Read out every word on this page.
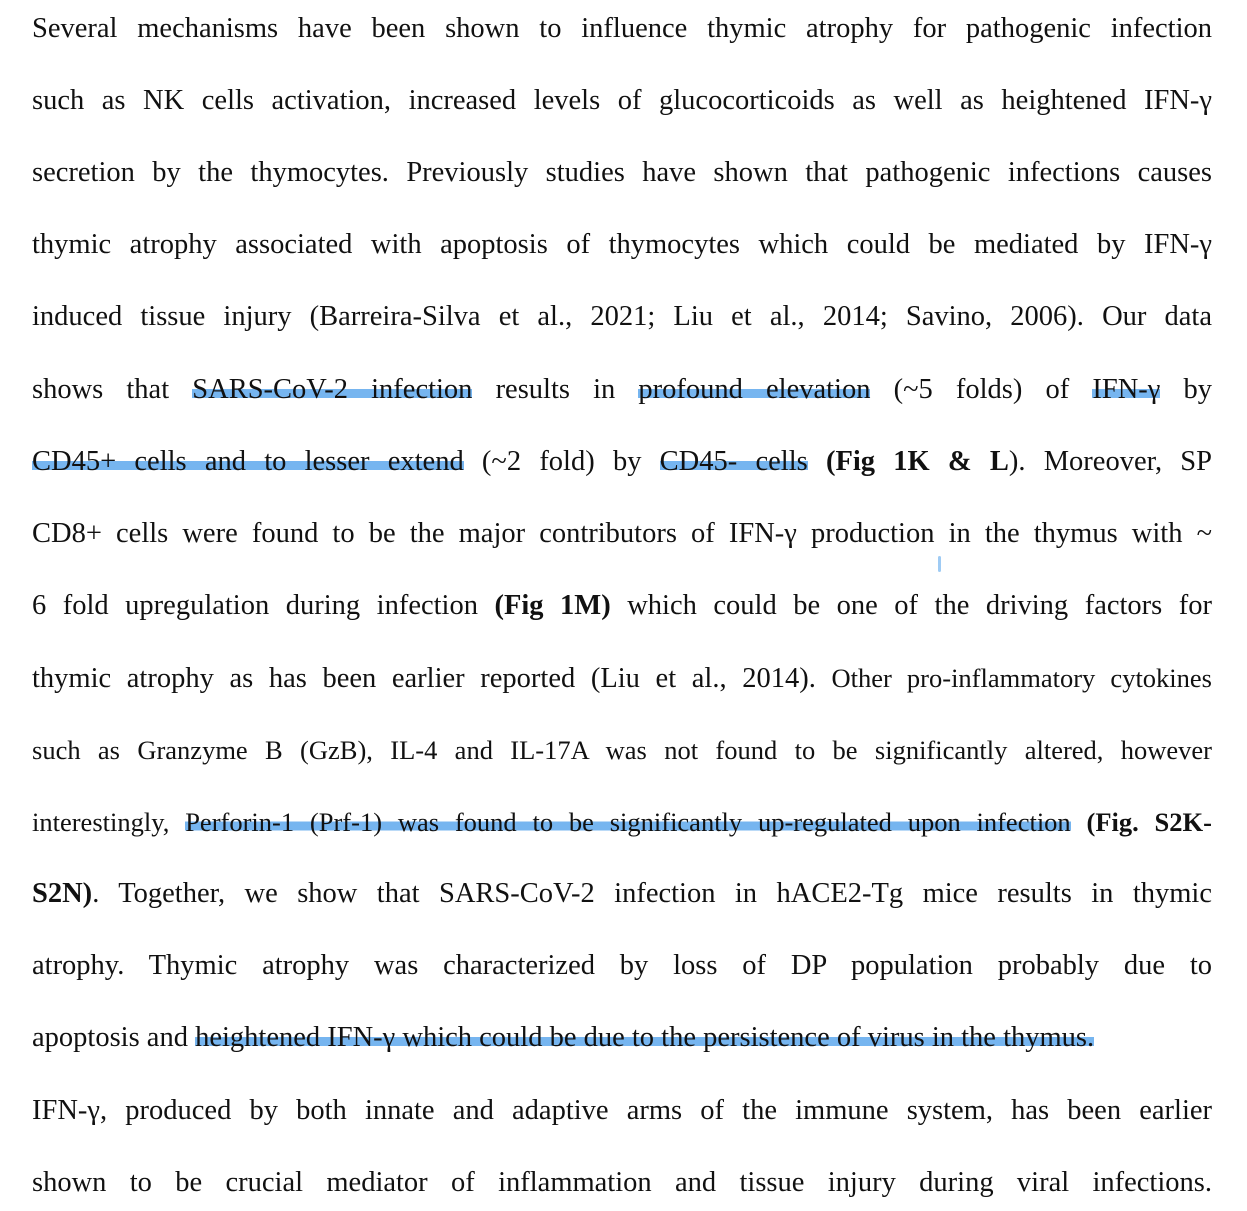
Several mechanisms have been shown to influence thymic atrophy for pathogenic infection
such as NK cells activation, increased levels of glucocorticoids as well as heightened IFN-γ
secretion by the thymocytes. Previously studies have shown that pathogenic infections causes
thymic atrophy associated with apoptosis of thymocytes which could be mediated by IFN-γ
induced tissue injury (Barreira-Silva et al., 2021; Liu et al., 2014; Savino, 2006). Our data
shows that SARS-CoV-2 infection results in profound elevation (~5 folds) of IFN-γ by
CD45+ cells and to lesser extend (~2 fold) by CD45- cells (Fig 1K & L). Moreover, SP
CD8+ cells were found to be the major contributors of IFN-γ production in the thymus with ~
6 fold upregulation during infection (Fig 1M) which could be one of the driving factors for
thymic atrophy as has been earlier reported (Liu et al., 2014). Other pro-inflammatory cytokines
such as Granzyme B (GzB), IL-4 and IL-17A was not found to be significantly altered, however
interestingly, Perforin-1 (Prf-1) was found to be significantly up-regulated upon infection (Fig. S2K-
S2N). Together, we show that SARS-CoV-2 infection in hACE2-Tg mice results in thymic
atrophy. Thymic atrophy was characterized by loss of DP population probably due to
apoptosis and heightened IFN-γ which could be due to the persistence of virus in the thymus.
IFN-γ, produced by both innate and adaptive arms of the immune system, has been earlier
shown to be crucial mediator of inflammation and tissue injury during viral infections.
